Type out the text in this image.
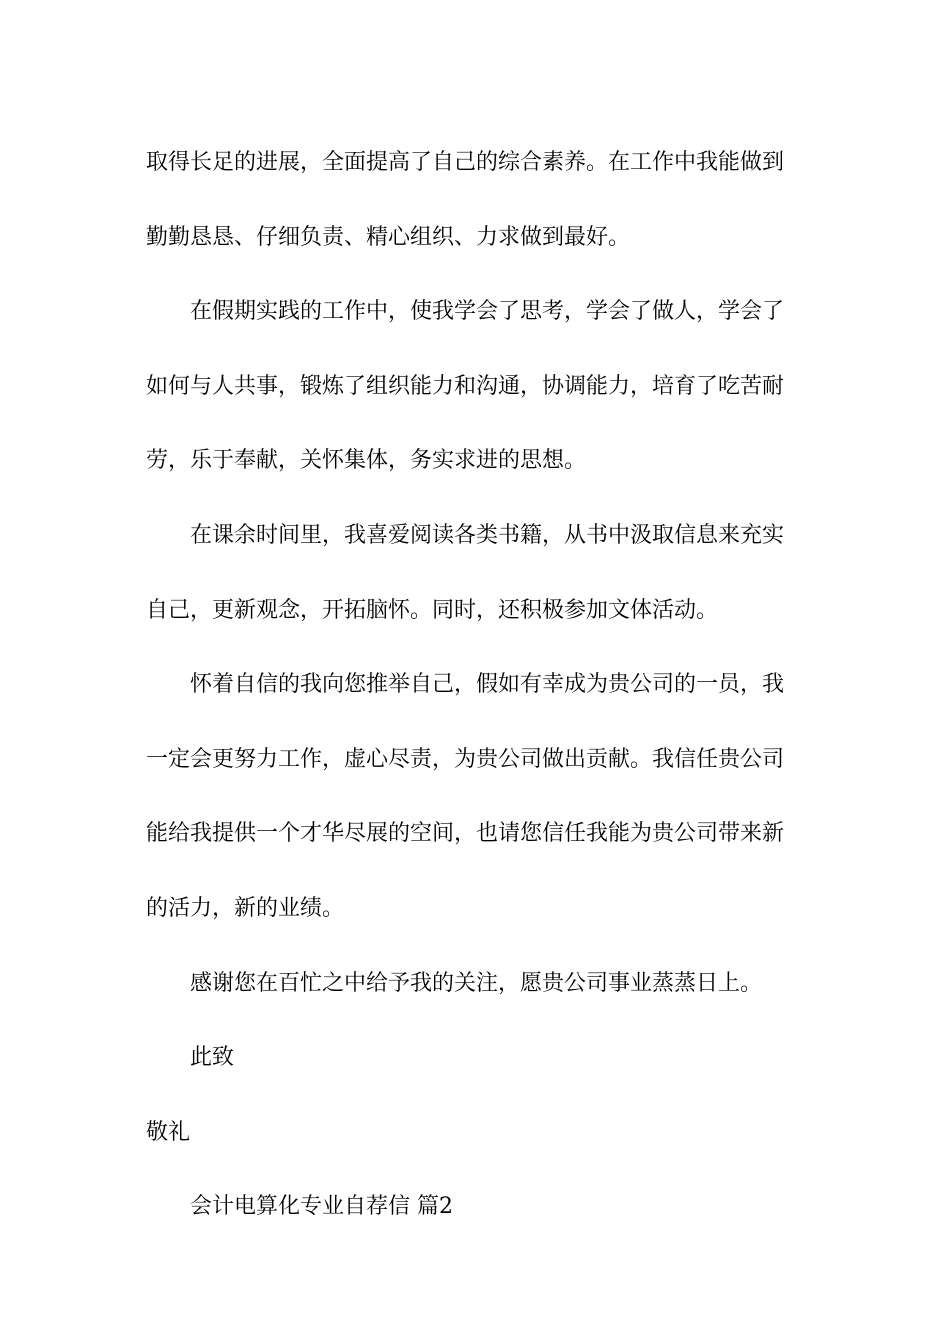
取得长足的进展，全面提高了自己的综合素养。在工作中我能做到
勤勤恳恳、仔细负责、精心组织、力求做到最好。

在假期实践的工作中，使我学会了思考，学会了做人，学会了
如何与人共事，锻炼了组织能力和沟通，协调能力，培育了吃苦耐
劳，乐于奉献，关怀集体，务实求进的思想。

在课余时间里，我喜爱阅读各类书籍，从书中汲取信息来充实
自己，更新观念，开拓脑怀。同时，还积极参加文体活动。

怀着自信的我向您推举自己，假如有幸成为贵公司的一员，我
一定会更努力工作，虚心尽责，为贵公司做出贡献。我信任贵公司
能给我提供一个才华尽展的空间，也请您信任我能为贵公司带来新
的活力，新的业绩。

感谢您在百忙之中给予我的关注，愿贵公司事业蒸蒸日上。

此致

敬礼

会计电算化专业自荐信 篇2
